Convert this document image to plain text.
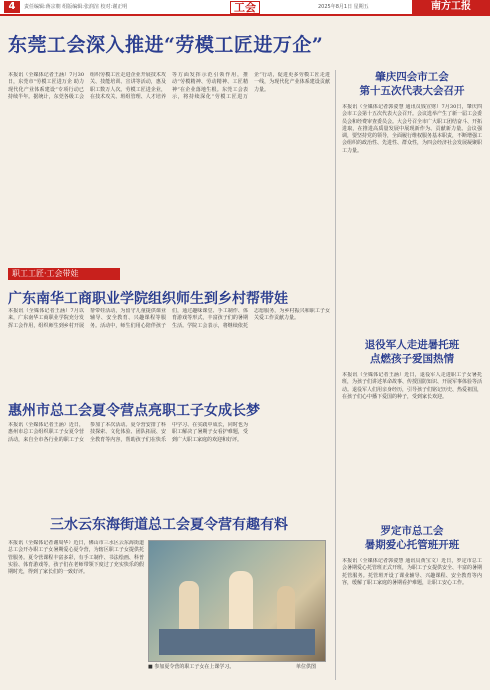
4	责任编辑:蒋宗朝 组版编辑:张润渲 校对:谢正明	工会	2025年8月1日 星期五	南方工报
东莞工会深入推进“劳模工匠进万企”
本报讯（全媒体记者王涵）7月30日，东莞市“劳模工匠进万企 助力现代化产业体系建设”专项行动已持续半年。据统计，东莞各级工会组织劳模工匠走进企业开展技术攻关、技能培训、宣讲等活动，惠及职工数万人次。劳模工匠进企业，在技术攻关、班组管理、人才培养等方面发挥示范引领作用，推动“劳模精神、劳动精神、工匠精神”在企业落地生根。东莞工会表示，将持续深化“劳模工匠进万企”行动，促进更多劳模工匠走进一线，为现代化产业体系建设贡献力量。
职工工匠·工会带娃
广东南华工商职业学院组织师生到乡村帮带娃
本报讯（全媒体记者王涵）7月以来，广东南华工商职业学院充分发挥工会作用，组织师生到乡村开展帮带娃活动，为留守儿童提供课业辅导、安全教育、兴趣课程等服务。活动中，师生们用心陪伴孩子们，通过趣味课堂、手工制作、体育游戏等形式，丰富孩子们的暑期生活。学院工会表示，将继续依托志愿服务，为乡村振兴和职工子女关爱工作贡献力量。
惠州市总工会夏令营点亮职工子女成长梦
本报讯（全媒体记者王涵）近日，惠州市总工会组织职工子女夏令营活动，来自全市各行业的职工子女参加了本次活动。夏令营安排了科技探索、文化体验、团队拓展、安全教育等内容，帮助孩子们在快乐中学习、在实践中成长，同时也为职工解决了暑期子女看护难题，受到广大职工家庭的欢迎和好评。
三水云东海街道总工会夏令营有趣有料
本报讯（全媒体记者谢周华）近日，佛山市三水区云东海街道总工会开办职工子女暑期爱心夏令营，为辖区职工子女提供托管服务。夏令营课程丰富多彩，有手工制作、书法绘画、科普实验、体育游戏等，孩子们在老师带领下度过了充实快乐的假期时光，得到了家长们的一致好评。
■ 参加夏令营的职工子女在上课学习。	单位供图
肇庆四会市工会
第十五次代表大会召开
本报讯（全媒体记者郭姿慧 通讯员钱宣财）7月30日，肇庆四会市工会第十五次代表大会召开。会议选举产生了新一届工会委员会和经费审查委员会。大会号召全市广大职工团结奋斗、开拓进取，在推进高质量发展中展现新作为、贡献新力量。会议强调，要坚持党的领导，全面履行维权服务基本职责，不断增强工会组织的政治性、先进性、群众性，为四会经济社会发展凝聚职工力量。
退役军人走进暑托班
点燃孩子爱国热情
本报讯（全媒体记者王涵）近日，退役军人走进职工子女暑托班，为孩子们讲述革命故事、传授国防知识、开展军事体验等活动。退役军人们用亲身经历，引导孩子们铭记历史、热爱祖国，在孩子们心中播下爱国的种子，受到家长欢迎。
罗定市总工会
暑期爱心托管班开班
本报讯（全媒体记者郭姿慧 通讯员黄宝文）近日，罗定市总工会暑期爱心托管班正式开班，为职工子女提供安全、丰富的暑期托管服务。托管班开设了课业辅导、兴趣课程、安全教育等内容，缓解了职工家庭的暑期看护难题，让职工安心工作。
